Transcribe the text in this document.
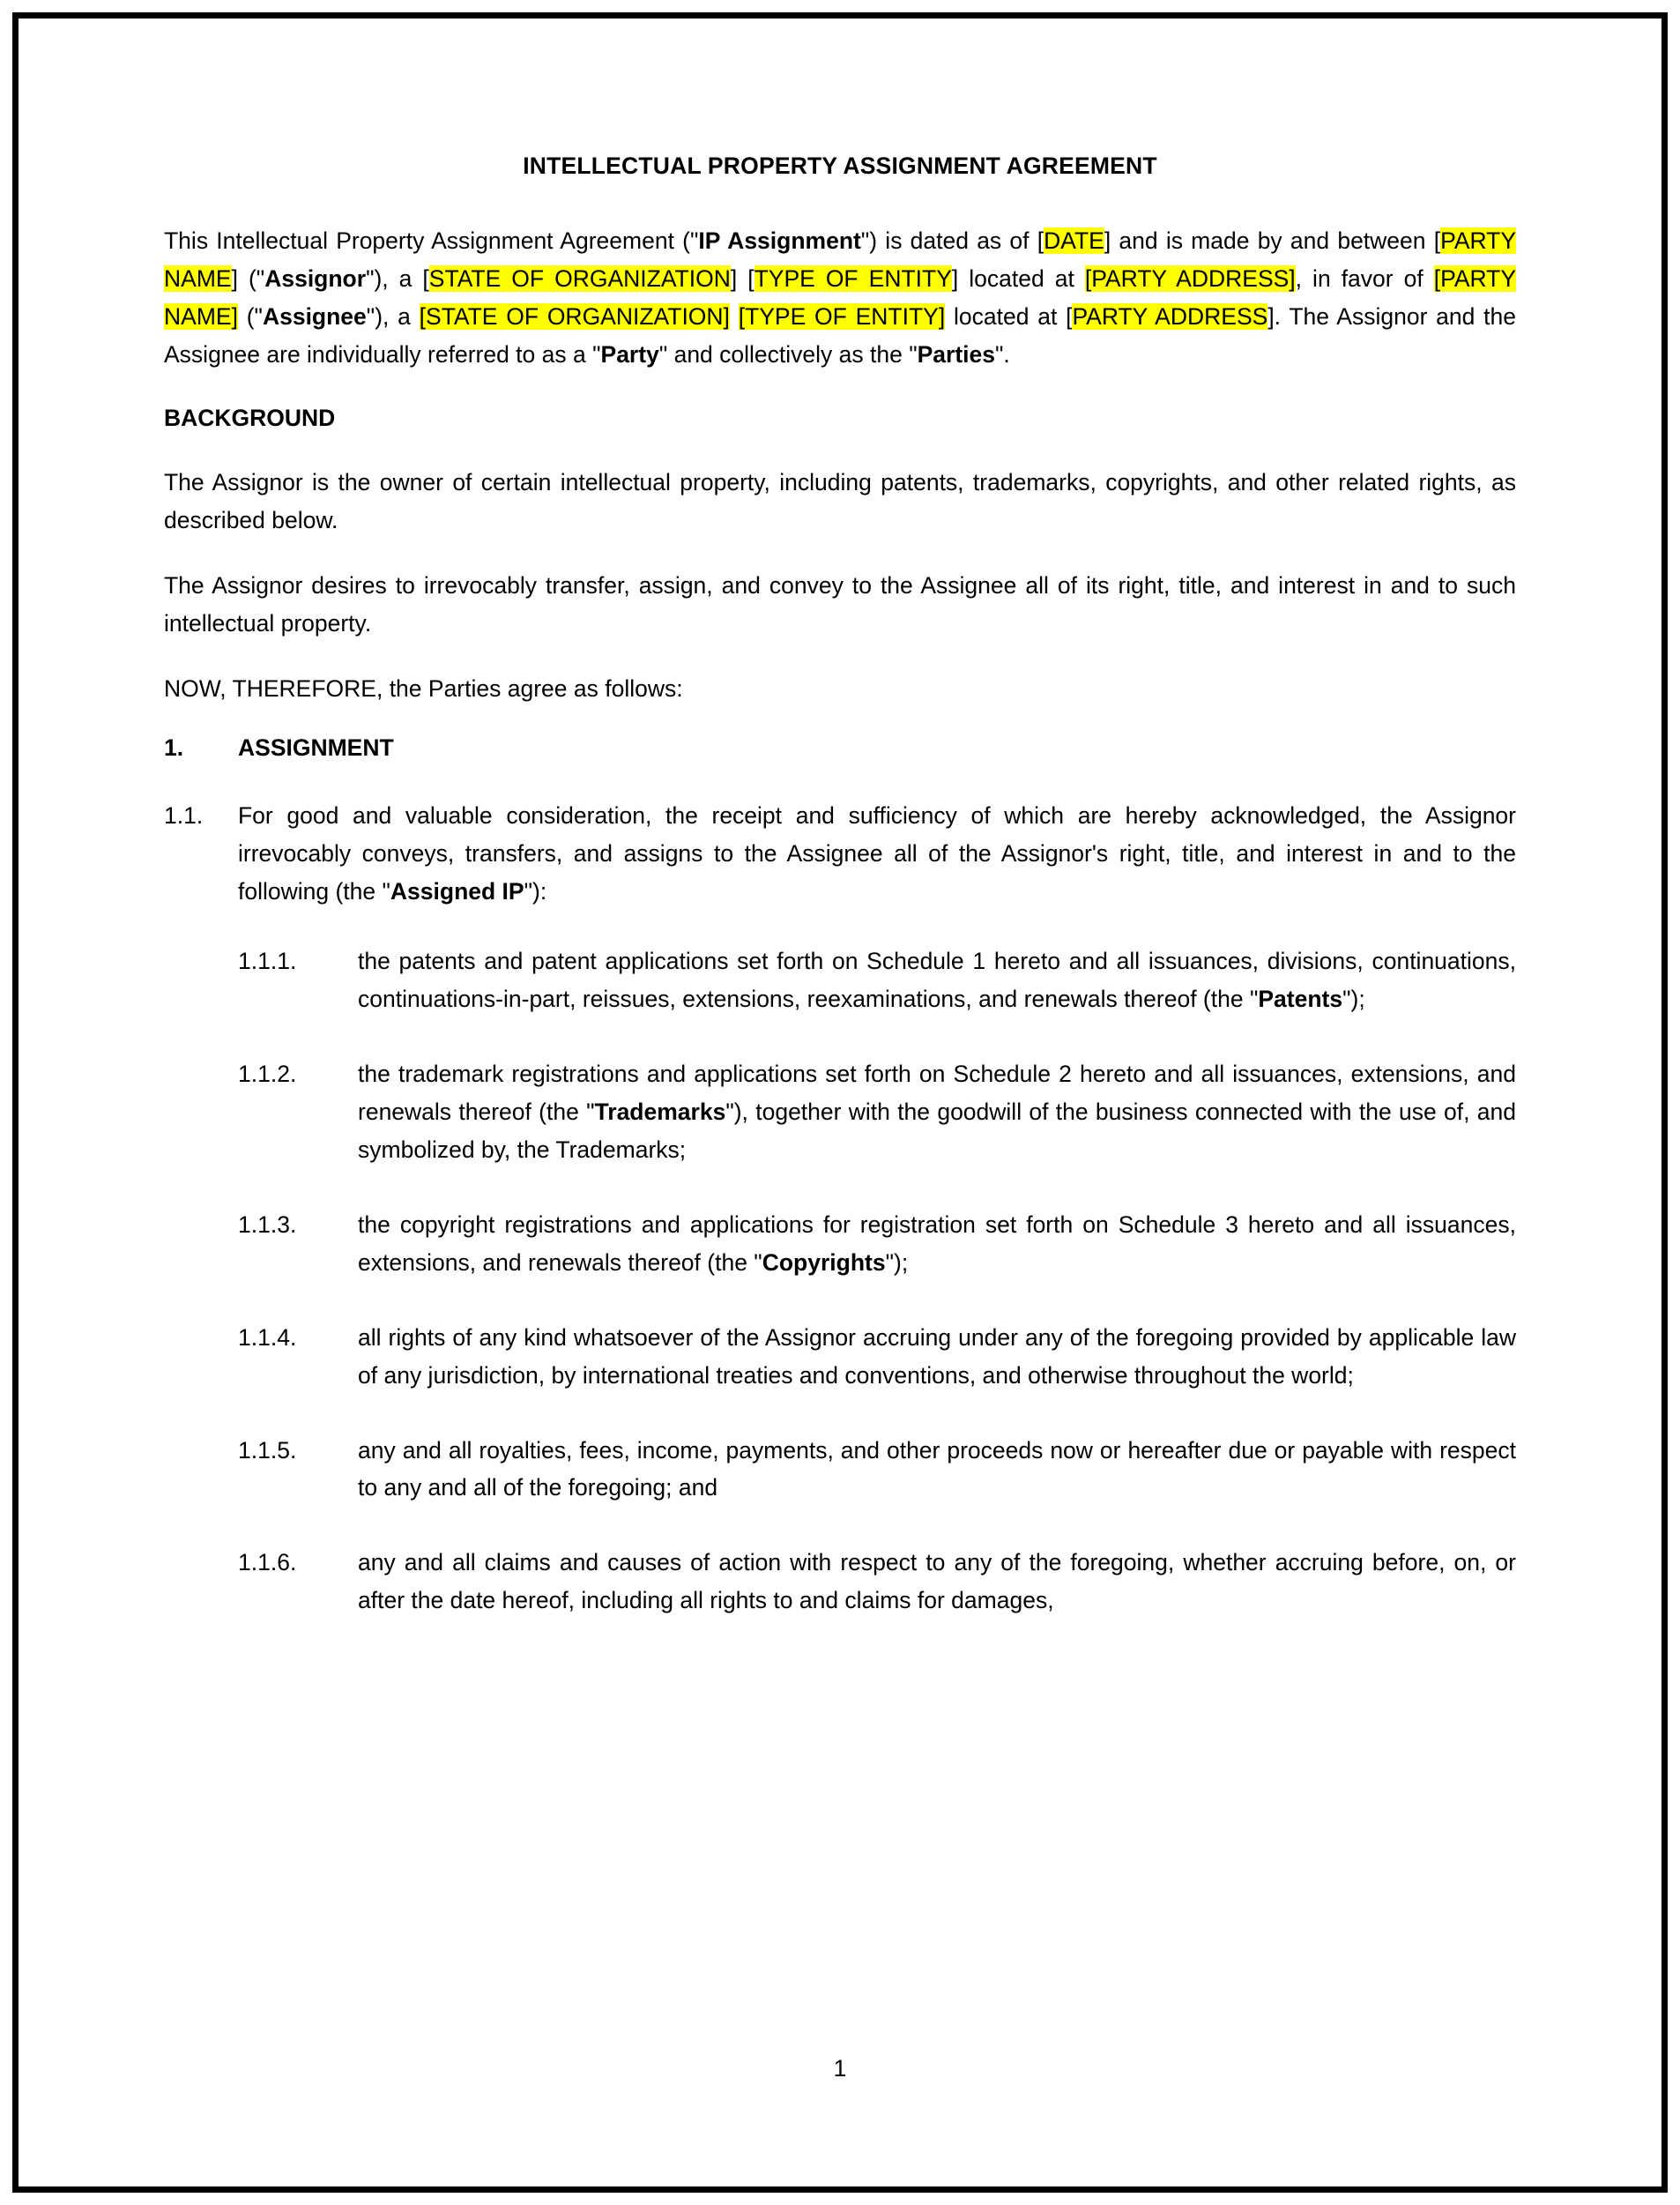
INTELLECTUAL PROPERTY ASSIGNMENT AGREEMENT

This Intellectual Property Assignment Agreement ("IP Assignment") is dated as of [DATE] and is made by and between [PARTY NAME] ("Assignor"), a [STATE OF ORGANIZATION] [TYPE OF ENTITY] located at [PARTY ADDRESS], in favor of [PARTY NAME] ("Assignee"), a [STATE OF ORGANIZATION] [TYPE OF ENTITY] located at [PARTY ADDRESS]. The Assignor and the Assignee are individually referred to as a "Party" and collectively as the "Parties".

BACKGROUND

The Assignor is the owner of certain intellectual property, including patents, trademarks, copyrights, and other related rights, as described below.

The Assignor desires to irrevocably transfer, assign, and convey to the Assignee all of its right, title, and interest in and to such intellectual property.

NOW, THEREFORE, the Parties agree as follows:

1.	ASSIGNMENT
1.1.	For good and valuable consideration, the receipt and sufficiency of which are hereby acknowledged, the Assignor irrevocably conveys, transfers, and assigns to the Assignee all of the Assignor's right, title, and interest in and to the following (the "Assigned IP"):
1.1.1.	the patents and patent applications set forth on Schedule 1 hereto and all issuances, divisions, continuations, continuations-in-part, reissues, extensions, reexaminations, and renewals thereof (the "Patents");
1.1.2.	the trademark registrations and applications set forth on Schedule 2 hereto and all issuances, extensions, and renewals thereof (the "Trademarks"), together with the goodwill of the business connected with the use of, and symbolized by, the Trademarks;
1.1.3.	the copyright registrations and applications for registration set forth on Schedule 3 hereto and all issuances, extensions, and renewals thereof (the "Copyrights");
1.1.4.	all rights of any kind whatsoever of the Assignor accruing under any of the foregoing provided by applicable law of any jurisdiction, by international treaties and conventions, and otherwise throughout the world;
1.1.5.	any and all royalties, fees, income, payments, and other proceeds now or hereafter due or payable with respect to any and all of the foregoing; and
1.1.6.	any and all claims and causes of action with respect to any of the foregoing, whether accruing before, on, or after the date hereof, including all rights to and claims for damages,
1
